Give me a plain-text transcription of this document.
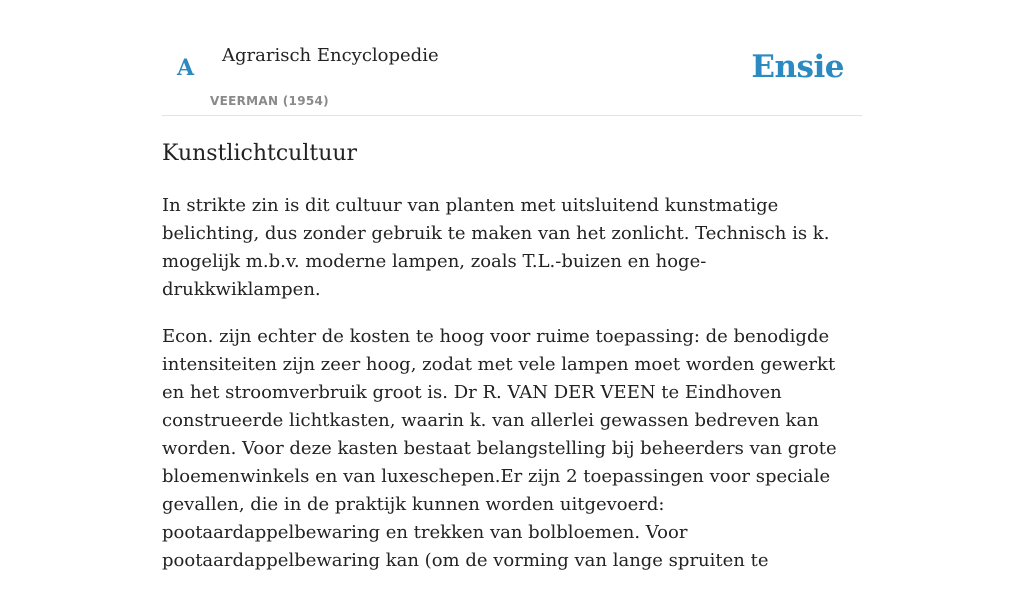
A Agrarisch Encyclopedie
VEERMAN (1954)
Ensie
Kunstlichtcultuur

In strikte zin is dit cultuur van planten met uitsluitend kunstmatige belichting, dus zonder gebruik te maken van het zonlicht. Technisch is k. mogelijk m.b.v. moderne lampen, zoals T.L.-buizen en hoge-drukkwiklampen.

Econ. zijn echter de kosten te hoog voor ruime toepassing: de benodigde intensiteiten zijn zeer hoog, zodat met vele lampen moet worden gewerkt en het stroomverbruik groot is. Dr R. VAN DER VEEN te Eindhoven construeerde lichtkasten, waarin k. van allerlei gewassen bedreven kan worden. Voor deze kasten bestaat belangstelling bij beheerders van grote bloemenwinkels en van luxeschepen.Er zijn 2 toepassingen voor speciale gevallen, die in de praktijk kunnen worden uitgevoerd: pootaardappelbewaring en trekken van bolbloemen. Voor pootaardappelbewaring kan (om de vorming van lange spruiten te
